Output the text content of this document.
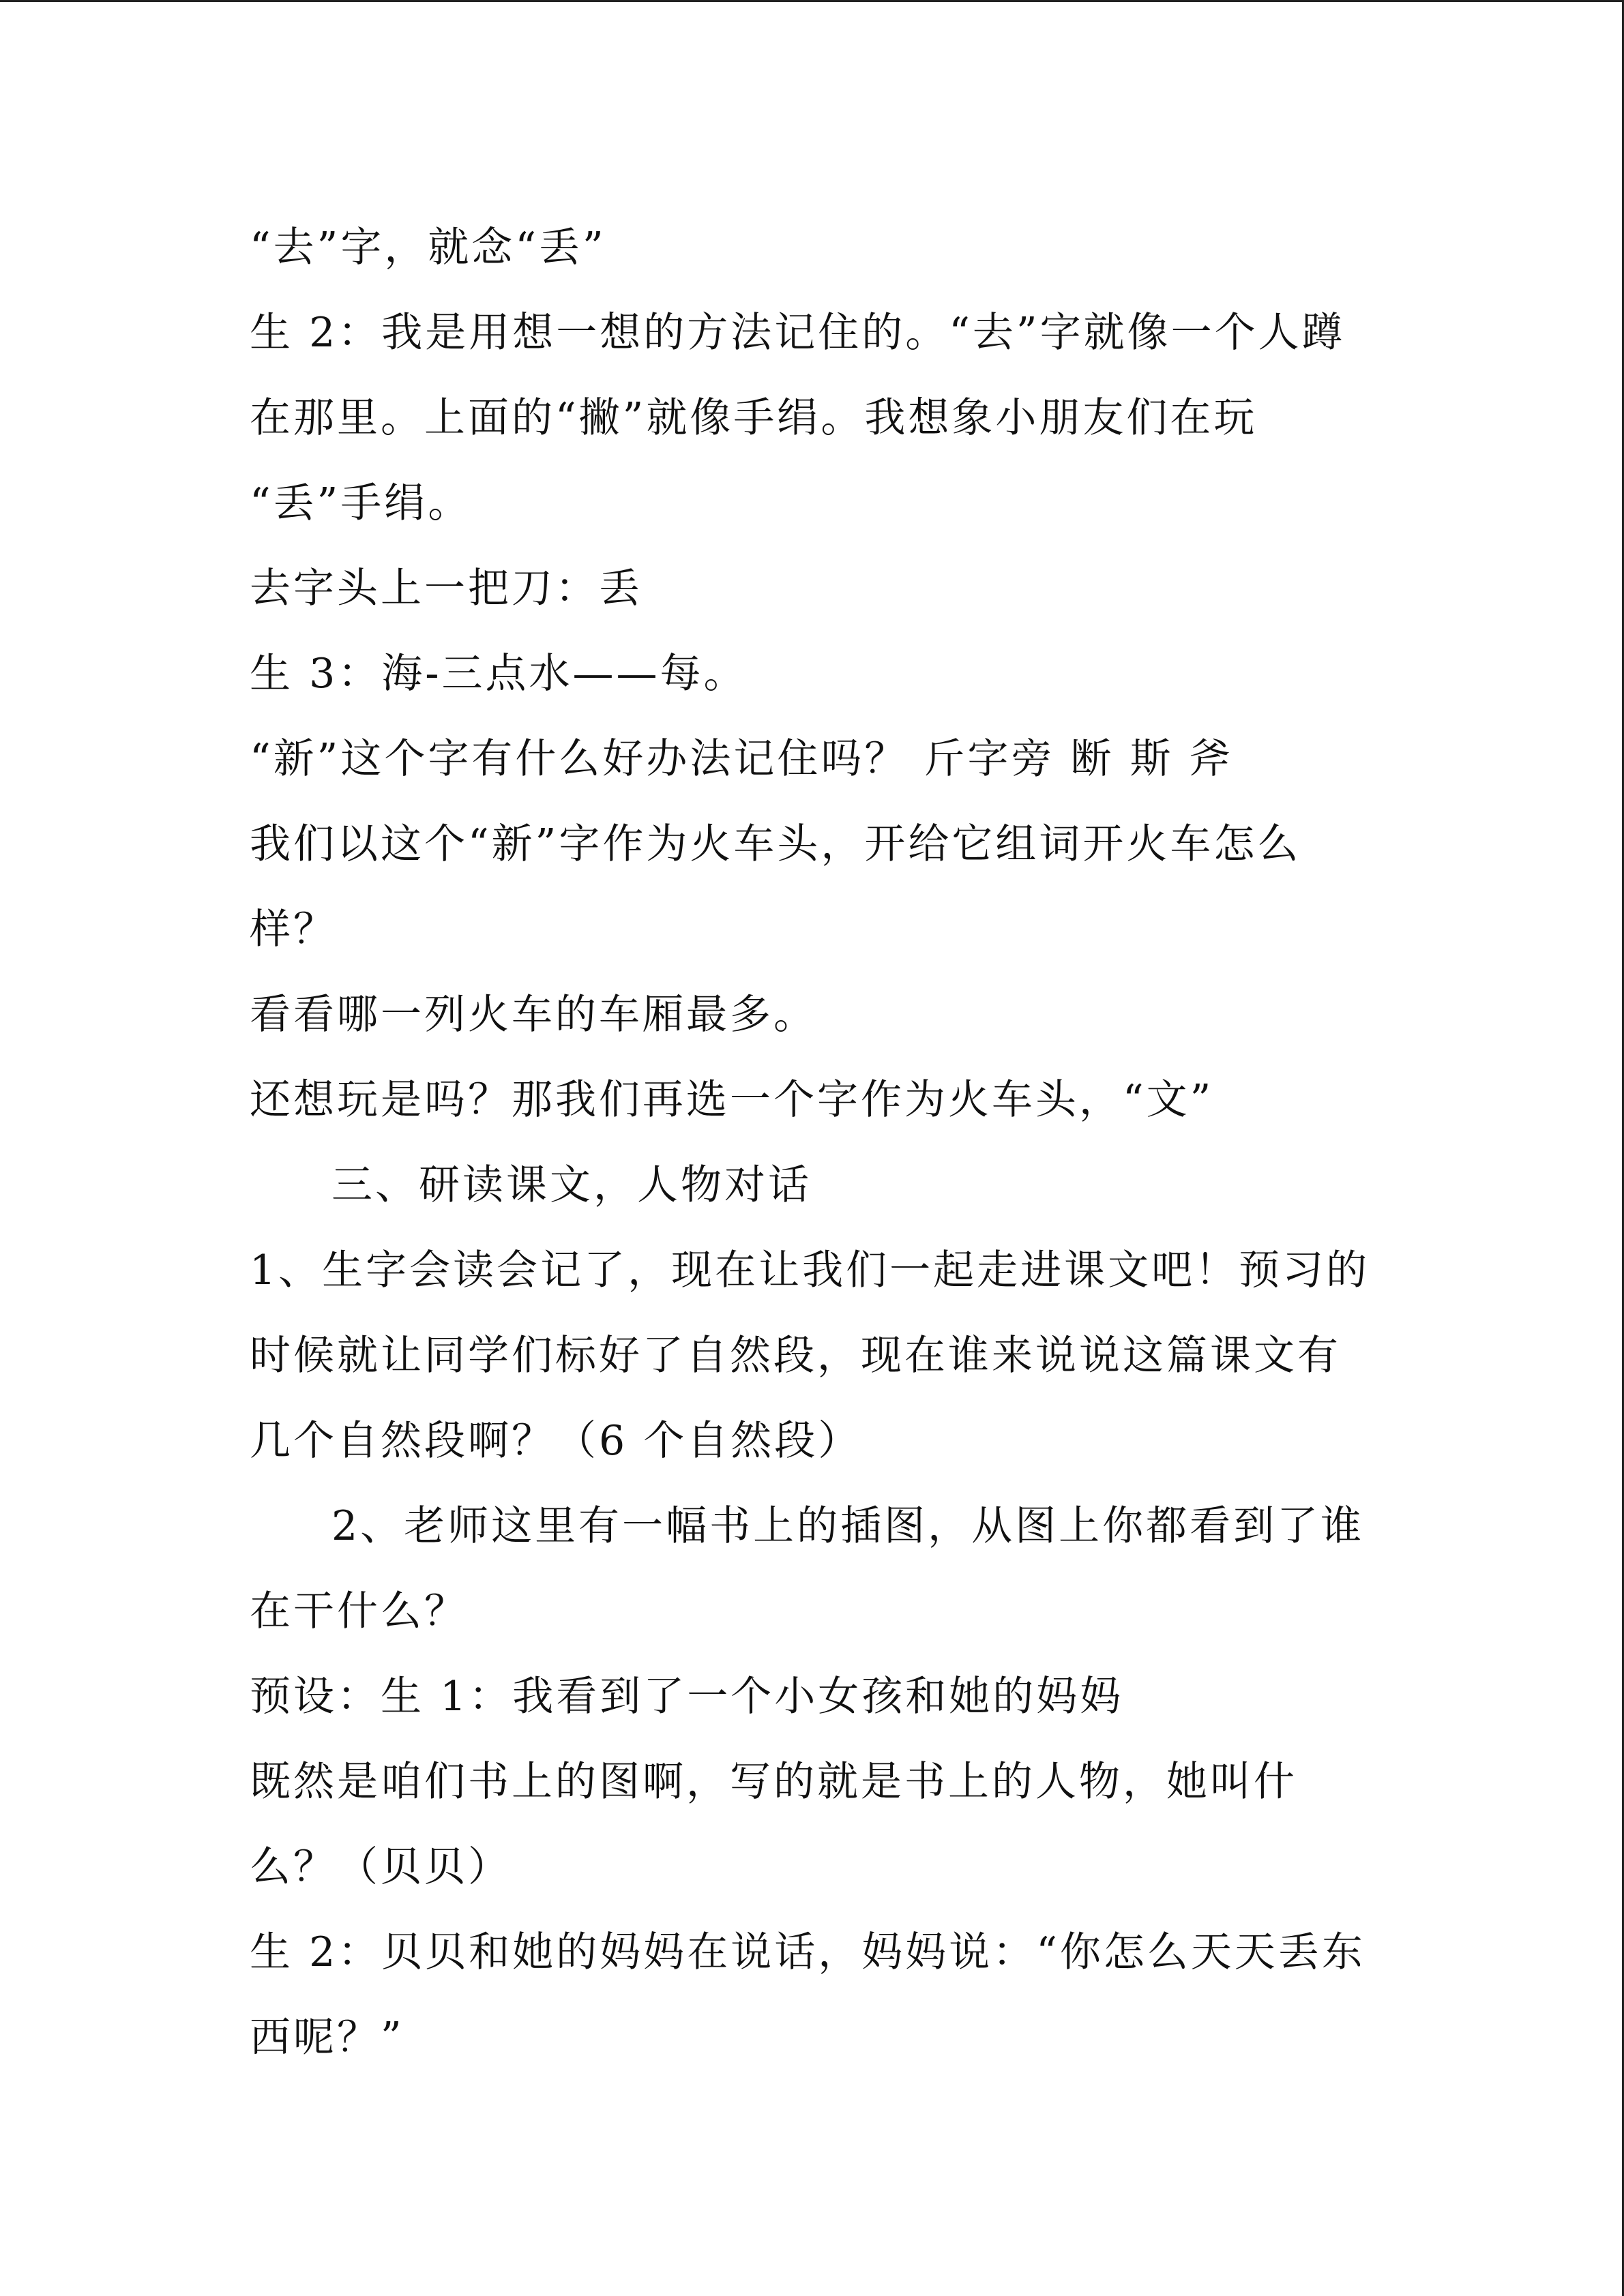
“去”字，就念“丢”
生 2：我是用想一想的方法记住的。“去”字就像一个人蹲
在那里。上面的“撇”就像手绢。我想象小朋友们在玩
“丢”手绢。
去字头上一把刀：丢
生 3：海-三点水——每。
“新”这个字有什么好办法记住吗？ 斤字旁 断 斯 斧
我们以这个“新”字作为火车头，开给它组词开火车怎么
样？
看看哪一列火车的车厢最多。
还想玩是吗？那我们再选一个字作为火车头，“文”
三、研读课文，人物对话
1、生字会读会记了，现在让我们一起走进课文吧！预习的
时候就让同学们标好了自然段，现在谁来说说这篇课文有
几个自然段啊？（6 个自然段）
2、老师这里有一幅书上的插图，从图上你都看到了谁
在干什么？
预设：生 1：我看到了一个小女孩和她的妈妈
既然是咱们书上的图啊，写的就是书上的人物，她叫什
么？（贝贝）
生 2：贝贝和她的妈妈在说话，妈妈说：“你怎么天天丢东
西呢？”
